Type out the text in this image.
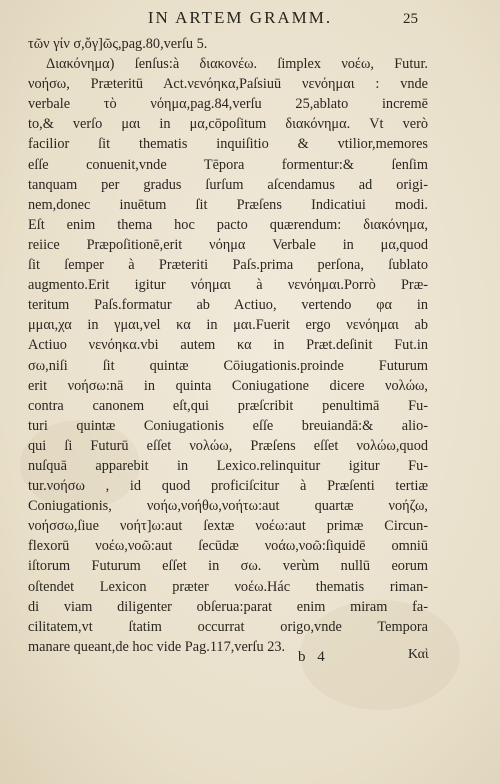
IN ARTEM GRAMM.	25
τῶν γίν σ,ὄγ]ῶς,pag.80,verſu 5.
Διακόνημα) ſenſus:à διακονέω. ſimplex νοέω, Futur.
νοήσω, Præteritū Act.νενόηκα,Paſsiuū νενόημαι : vnde
verbale τὸ νόημα,pag.84,verſu 25,ablato incremē
to,& verſo μαι in μα,cōpoſitum διακόνημα. Vt verò
facilior ſit thematis inquiſitio & vtilior,memores
eſſe conuenit,vnde Tēpora formentur:& ſenſim
tanquam per gradus ſurſum aſcendamus ad origi-
nem,donec inuētum ſit Præſens Indicatiui modi.
Eſt enim thema hoc pacto quærendum: διακόνημα,
reiice Præpoſitionē,erit νόημα Verbale in μα,quod
ſit ſemper à Præteriti Paſs.prima perſona, ſublato
augmento.Erit igitur νόημαι à νενόημαι.Porrò Præ-
teritum Paſs.formatur ab Actiuo, vertendo φα in
μμαι,χα in γμαι,vel κα in μαι.Fuerit ergo νενόημαι ab
Actiuo νενόηκα.vbi autem κα in Præt.deſinit Fut.in
σω,niſi ſit quintæ Cōiugationis.proinde Futurum
erit νοήσω:nā in quinta Coniugatione dicere νολώω,
contra canonem eſt,qui præſcribit penultimā Fu-
turi quintæ Coniugationis eſſe breuiandā:& alio-
qui ſi Futurū eſſet νολώω, Præſens eſſet νολώω,quod
nuſquā apparebit in Lexico.relinquitur igitur Fu-
tur.νοήσω , id quod proficiſcitur à Præſenti tertiæ
Coniugationis, νοήω,νοήθω,νοήτω:aut quartæ νοήζω,
νοήσσω,ſiue νοήτ]ω:aut ſextæ νοέω:aut primæ Circun-
flexorū νοέω,νοῶ:aut ſecūdæ νοάω,νοῶ:ſiquidē omniū
iſtorum Futurum eſſet in σω. verùm nullū eorum
oſtendet Lexicon præter νοέω.Hác thematis riman-
di viam diligenter obſerua:parat enim miram fa-
cilitatem,vt ſtatim occurrat origo,vnde Tempora
manare queant,de hoc vide Pag.117,verſu 23.
b 4	Καὶ
